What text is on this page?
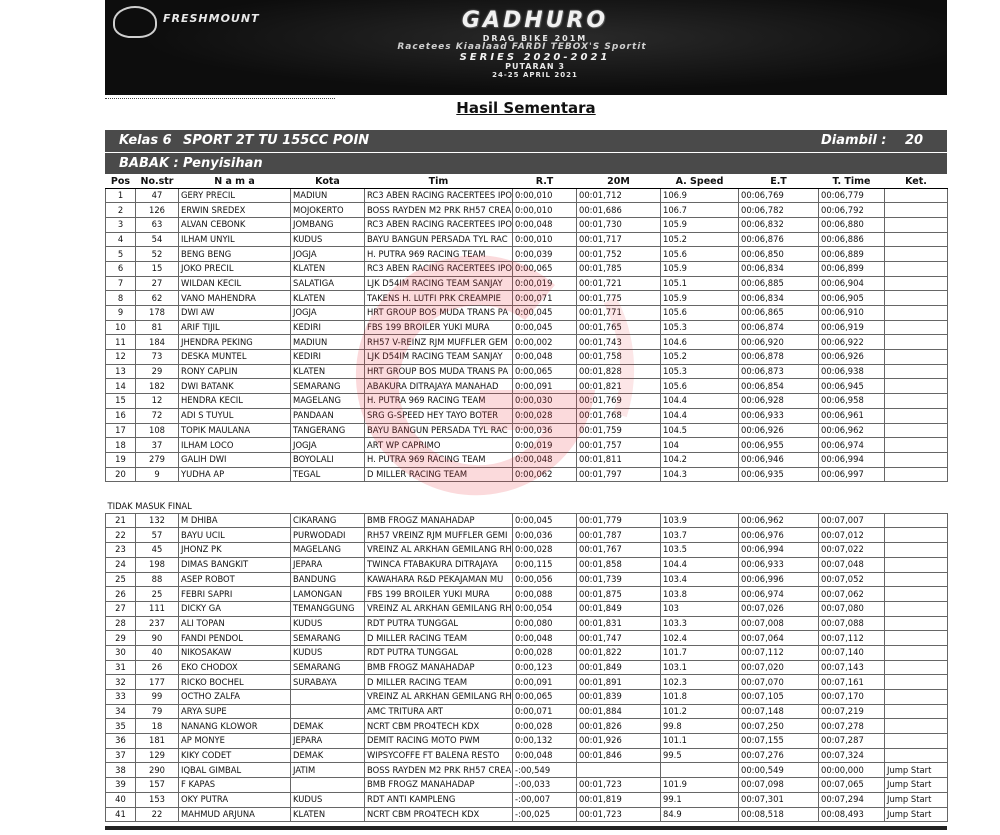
FRESHMOUNT	GADHURO
DRAG BIKE 201M
Racetees Kiaalaad FARDI TEBOX'S Sportit
SERIES 2020-2021
PUTARAN 3
24-25 APRIL 2021
Hasil Sementara
Kelas 6 SPORT 2T TU 155CC POIN	Diambil : 20
BABAK : Penyisihan
Pos	No.str	N a m a	Kota	Tim	R.T	20M	A. Speed	E.T	T. Time	Ket.
1	47	GERY PRECIL	MADIUN	RC3 ABEN RACING RACERTEES IPO	0:00,010	00:01,712	106.9	00:06,769	00:06,779	
2	126	ERWIN SREDEX	MOJOKERTO	BOSS RAYDEN M2 PRK RH57 CREA	0:00,010	00:01,686	106.7	00:06,782	00:06,792	
3	63	ALVAN CEBONK	JOMBANG	RC3 ABEN RACING RACERTEES IPO	0:00,048	00:01,730	105.9	00:06,832	00:06,880	
4	54	ILHAM UNYIL	KUDUS	BAYU BANGUN PERSADA TYL RAC	0:00,010	00:01,717	105.2	00:06,876	00:06,886	
5	52	BENG BENG	JOGJA	H. PUTRA 969 RACING TEAM	0:00,039	00:01,752	105.6	00:06,850	00:06,889	
6	15	JOKO PRECIL	KLATEN	RC3 ABEN RACING RACERTEES IPO	0:00,065	00:01,785	105.9	00:06,834	00:06,899	
7	27	WILDAN KECIL	SALATIGA	LJK D54IM RACING TEAM SANJAY	0:00,019	00:01,721	105.1	00:06,885	00:06,904	
8	62	VANO MAHENDRA	KLATEN	TAKENS H. LUTFI PRK CREAMPIE	0:00,071	00:01,775	105.9	00:06,834	00:06,905	
9	178	DWI AW	JOGJA	HRT GROUP BOS MUDA TRANS PA	0:00,045	00:01,771	105.6	00:06,865	00:06,910	
10	81	ARIF TIJIL	KEDIRI	FBS 199 BROILER YUKI MURA	0:00,045	00:01,765	105.3	00:06,874	00:06,919	
11	184	JHENDRA PEKING	MADIUN	RH57 V-REINZ RJM MUFFLER GEM	0:00,002	00:01,743	104.6	00:06,920	00:06,922	
12	73	DESKA MUNTEL	KEDIRI	LJK D54IM RACING TEAM SANJAY	0:00,048	00:01,758	105.2	00:06,878	00:06,926	
13	29	RONY CAPLIN	KLATEN	HRT GROUP BOS MUDA TRANS PA	0:00,065	00:01,828	105.3	00:06,873	00:06,938	
14	182	DWI BATANK	SEMARANG	ABAKURA DITRAJAYA MANAHAD	0:00,091	00:01,821	105.6	00:06,854	00:06,945	
15	12	HENDRA KECIL	MAGELANG	H. PUTRA 969 RACING TEAM	0:00,030	00:01,769	104.4	00:06,928	00:06,958	
16	72	ADI S TUYUL	PANDAAN	SRG G-SPEED HEY TAYO BOTER	0:00,028	00:01,768	104.4	00:06,933	00:06,961	
17	108	TOPIK MAULANA	TANGERANG	BAYU BANGUN PERSADA TYL RAC	0:00,036	00:01,759	104.5	00:06,926	00:06,962	
18	37	ILHAM LOCO	JOGJA	ART WP CAPRIMO	0:00,019	00:01,757	104	00:06,955	00:06,974	
19	279	GALIH DWI	BOYOLALI	H. PUTRA 969 RACING TEAM	0:00,048	00:01,811	104.2	00:06,946	00:06,994	
20	9	YUDHA AP	TEGAL	D MILLER RACING TEAM	0:00,062	00:01,797	104.3	00:06,935	00:06,997	

TIDAK MASUK FINAL										
21	132	M DHIBA	CIKARANG	BMB FROGZ MANAHADAP	0:00,045	00:01,779	103.9	00:06,962	00:07,007	
22	57	BAYU UCIL	PURWODADI	RH57 VREINZ RJM MUFFLER GEMI	0:00,036	00:01,787	103.7	00:06,976	00:07,012	
23	45	JHONZ PK	MAGELANG	VREINZ AL ARKHAN GEMILANG RH	0:00,028	00:01,767	103.5	00:06,994	00:07,022	
24	198	DIMAS BANGKIT	JEPARA	TWINCA FTABAKURA DITRAJAYA	0:00,115	00:01,858	104.4	00:06,933	00:07,048	
25	88	ASEP ROBOT	BANDUNG	KAWAHARA R&D PEKAJAMAN MU	0:00,056	00:01,739	103.4	00:06,996	00:07,052	
26	25	FEBRI SAPRI	LAMONGAN	FBS 199 BROILER YUKI MURA	0:00,088	00:01,875	103.8	00:06,974	00:07,062	
27	111	DICKY GA	TEMANGGUNG	VREINZ AL ARKHAN GEMILANG RH	0:00,054	00:01,849	103	00:07,026	00:07,080	
28	237	ALI TOPAN	KUDUS	RDT PUTRA TUNGGAL	0:00,080	00:01,831	103.3	00:07,008	00:07,088	
29	90	FANDI PENDOL	SEMARANG	D MILLER RACING TEAM	0:00,048	00:01,747	102.4	00:07,064	00:07,112	
30	40	NIKOSAKAW	KUDUS	RDT PUTRA TUNGGAL	0:00,028	00:01,822	101.7	00:07,112	00:07,140	
31	26	EKO CHODOX	SEMARANG	BMB FROGZ MANAHADAP	0:00,123	00:01,849	103.1	00:07,020	00:07,143	
32	177	RICKO BOCHEL	SURABAYA	D MILLER RACING TEAM	0:00,091	00:01,891	102.3	00:07,070	00:07,161	
33	99	OCTHO ZALFA		VREINZ AL ARKHAN GEMILANG RH	0:00,065	00:01,839	101.8	00:07,105	00:07,170	
34	79	ARYA SUPE		AMC TRITURA ART	0:00,071	00:01,884	101.2	00:07,148	00:07,219	
35	18	NANANG KLOWOR	DEMAK	NCRT CBM PRO4TECH KDX	0:00,028	00:01,826	99.8	00:07,250	00:07,278	
36	181	AP MONYE	JEPARA	DEMIT RACING MOTO PWM	0:00,132	00:01,926	101.1	00:07,155	00:07,287	
37	129	KIKY CODET	DEMAK	WIPSYCOFFE FT BALENA RESTO	0:00,048	00:01,846	99.5	00:07,276	00:07,324	
38	290	IQBAL GIMBAL	JATIM	BOSS RAYDEN M2 PRK RH57 CREA	-:00,549			00:00,549	00:00,000	Jump Start
39	157	F KAPAS		BMB FROGZ MANAHADAP	-:00,033	00:01,723	101.9	00:07,098	00:07,065	Jump Start
40	153	OKY PUTRA	KUDUS	RDT ANTI KAMPLENG	-:00,007	00:01,819	99.1	00:07,301	00:07,294	Jump Start
41	22	MAHMUD ARJUNA	KLATEN	NCRT CBM PRO4TECH KDX	-:00,025	00:01,723	84.9	00:08,518	00:08,493	Jump Start
